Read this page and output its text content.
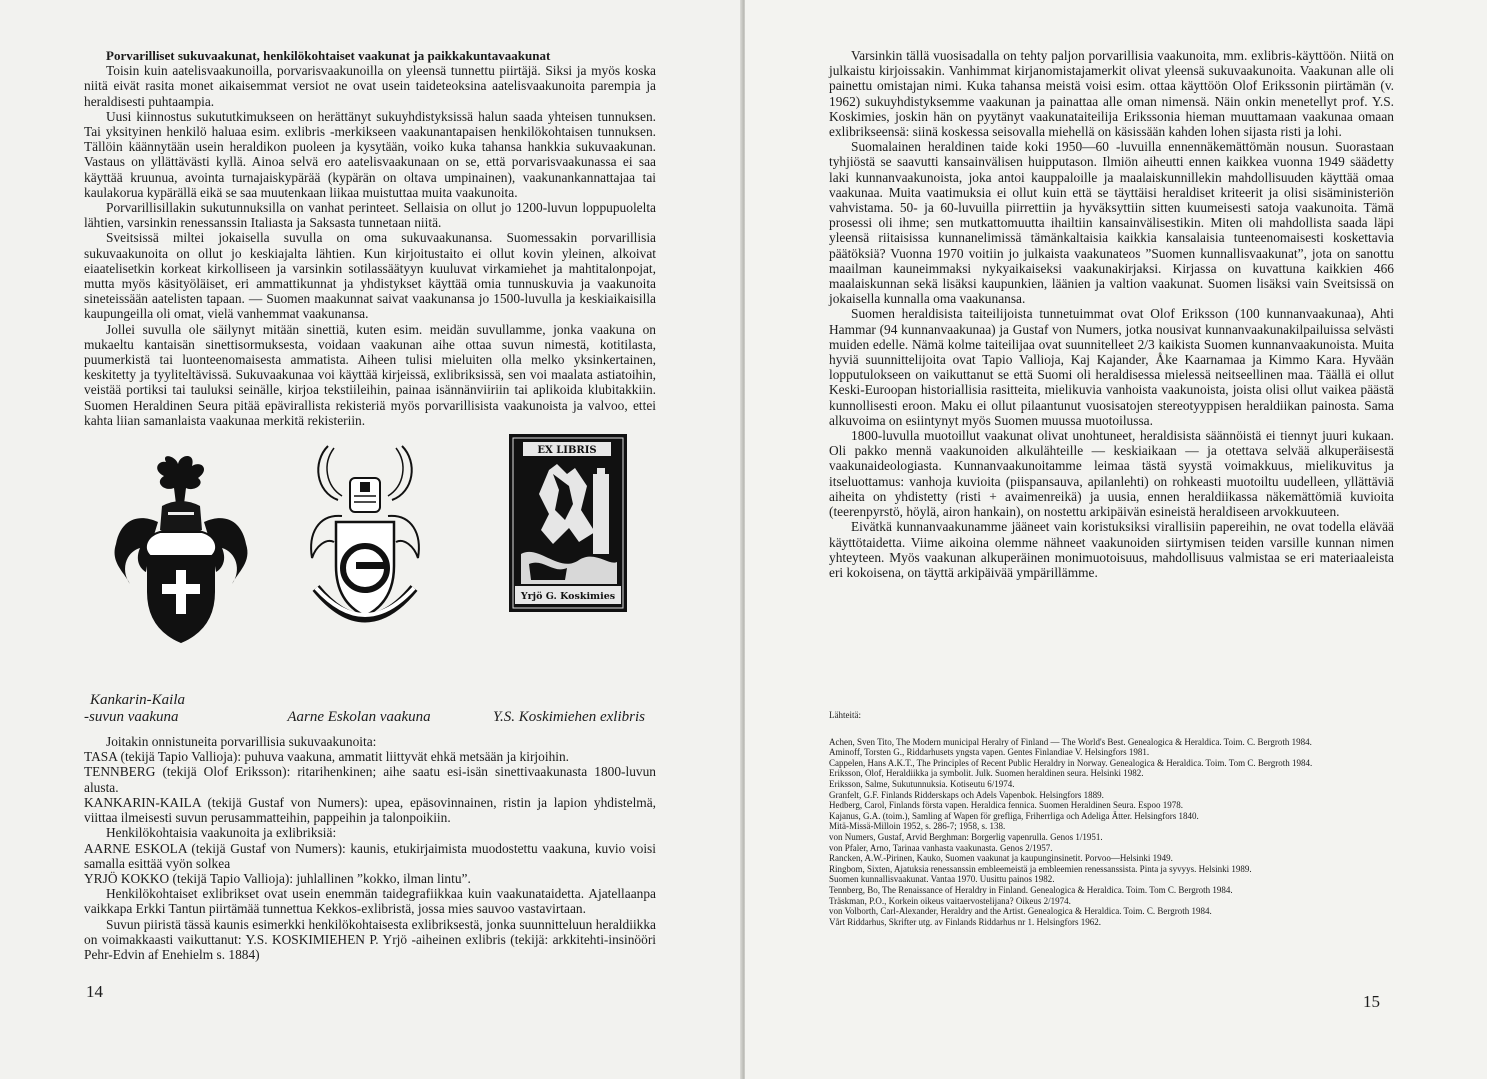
Porvarilliset sukuvaakunat, henkilökohtaiset vaakunat ja paikkakuntavaakunat

Toisin kuin aatelisvaakunoilla, porvarisvaakunoilla on yleensä tunnettu piirtäjä. Siksi ja myös koska niitä eivät rasita monet aikaisemmat versiot ne ovat usein taideteoksina aatelisvaakunoita parempia ja heraldisesti puhtaampia.

Uusi kiinnostus sukututkimukseen on herättänyt sukuyhdistyksissä halun saada yhteisen tunnuksen. Tai yksityinen henkilö haluaa esim. exlibris -merkikseen vaakunantapaisen henkilökohtaisen tunnuksen. Tällöin käännytään usein heraldikon puoleen ja kysytään, voiko kuka tahansa hankkia sukuvaakunan. Vastaus on yllättävästi kyllä. Ainoa selvä ero aatelisvaakunaan on se, että porvarisvaakunassa ei saa käyttää kruunua, avointa turnajaiskypärää (kypärän on oltava umpinainen), vaakunankannattajaa tai kaulakorua kypärällä eikä se saa muutenkaan liikaa muistuttaa muita vaakunoita.

Porvarillisillakin sukutunnuksilla on vanhat perinteet. Sellaisia on ollut jo 1200-luvun loppupuolelta lähtien, varsinkin renessanssin Italiasta ja Saksasta tunnetaan niitä.

Sveitsissä miltei jokaisella suvulla on oma sukuvaakunansa. Suomessakin porvarillisia sukuvaakunoita on ollut jo keskiajalta lähtien. Kun kirjoitustaito ei ollut kovin yleinen, alkoivat eiaatelisetkin korkeat kirkolliseen ja varsinkin sotilassäätyyn kuuluvat virkamiehet ja mahtitalonpojat, mutta myös käsityöläiset, eri ammattikunnat ja yhdistykset käyttää omia tunnuskuvia ja vaakunoita sineteissään aatelisten tapaan. — Suomen maakunnat saivat vaakunansa jo 1500-luvulla ja keskiaikaisilla kaupungeilla oli omat, vielä vanhemmat vaakunansa.

Jollei suvulla ole säilynyt mitään sinettiä, kuten esim. meidän suvullamme, jonka vaakuna on mukaeltu kantaisän sinettisormuksesta, voidaan vaakunan aihe ottaa suvun nimestä, kotitilasta, puumerkistä tai luonteenomaisesta ammatista. Aiheen tulisi mieluiten olla melko yksinkertainen, keskitetty ja tyyliteltävissä. Sukuvaakunaa voi käyttää kirjeissä, exlibriksissä, sen voi maalata astiatoihin, veistää portiksi tai tauluksi seinälle, kirjoa tekstiileihin, painaa isännänviiriin tai aplikoida klubitakkiin. Suomen Heraldinen Seura pitää epävirallista rekisteriä myös porvarillisista vaakunoista ja valvoo, ettei kahta liian samanlaista vaakunaa merkitä rekisteriin.

EX LIBRIS
Yrjö G. Koskimies
Kankarin-Kaila
-suvun vaakuna	Aarne Eskolan vaakuna	Y.S. Koskimiehen exlibris

Joitakin onnistuneita porvarillisia sukuvaakunoita:

TASA (tekijä Tapio Vallioja): puhuva vaakuna, ammatit liittyvät ehkä metsään ja kirjoihin.

TENNBERG (tekijä Olof Eriksson): ritarihenkinen; aihe saatu esi-isän sinettivaakunasta 1800-luvun alusta.

KANKARIN-KAILA (tekijä Gustaf von Numers): upea, epäsovinnainen, ristin ja lapion yhdistelmä, viittaa ilmeisesti suvun perusammatteihin, pappeihin ja talonpoikiin.

Henkilökohtaisia vaakunoita ja exlibriksiä:

AARNE ESKOLA (tekijä Gustaf von Numers): kaunis, etukirjaimista muodostettu vaakuna, kuvio voisi samalla esittää vyön solkea

YRJÖ KOKKO (tekijä Tapio Vallioja): juhlallinen ”kokko, ilman lintu”.

Henkilökohtaiset exlibrikset ovat usein enemmän taidegrafiikkaa kuin vaakunataidetta. Ajatellaanpa vaikkapa Erkki Tantun piirtämää tunnettua Kekkos-exlibristä, jossa mies sauvoo vastavirtaan.

Suvun piiristä tässä kaunis esimerkki henkilökohtaisesta exlibriksestä, jonka suunnitteluun heraldiikka on voimakkaasti vaikuttanut: Y.S. KOSKIMIEHEN P. Yrjö -aiheinen exlibris (tekijä: arkkitehti-insinööri Pehr-Edvin af Enehielm s. 1884)

14

Varsinkin tällä vuosisadalla on tehty paljon porvarillisia vaakunoita, mm. exlibris-käyttöön. Niitä on julkaistu kirjoissakin. Vanhimmat kirjanomistajamerkit olivat yleensä sukuvaakunoita. Vaakunan alle oli painettu omistajan nimi. Kuka tahansa meistä voisi esim. ottaa käyttöön Olof Erikssonin piirtämän (v. 1962) sukuyhdistyksemme vaakunan ja painattaa alle oman nimensä. Näin onkin menetellyt prof. Y.S. Koskimies, joskin hän on pyytänyt vaakunataiteilija Erikssonia hieman muuttamaan vaakunaa omaan exlibrikseensä: siinä koskessa seisovalla miehellä on käsissään kahden lohen sijasta risti ja lohi.

Suomalainen heraldinen taide koki 1950—60 -luvuilla ennennäkemättömän nousun. Suorastaan tyhjiöstä se saavutti kansainvälisen huipputason. Ilmiön aiheutti ennen kaikkea vuonna 1949 säädetty laki kunnanvaakunoista, joka antoi kauppaloille ja maalaiskunnillekin mahdollisuuden käyttää omaa vaakunaa. Muita vaatimuksia ei ollut kuin että se täyttäisi heraldiset kriteerit ja olisi sisäministeriön vahvistama. 50- ja 60-luvuilla piirrettiin ja hyväksyttiin sitten kuumeisesti satoja vaakunoita. Tämä prosessi oli ihme; sen mutkattomuutta ihailtiin kansainvälisestikin. Miten oli mahdollista saada läpi yleensä riitaisissa kunnanelimissä tämänkaltaisia kaikkia kansalaisia tunteenomaisesti koskettavia päätöksiä? Vuonna 1970 voitiin jo julkaista vaakunateos ”Suomen kunnallisvaakunat”, jota on sanottu maailman kauneimmaksi nykyaikaiseksi vaakunakirjaksi. Kirjassa on kuvattuna kaikkien 466 maalaiskunnan sekä lisäksi kaupunkien, läänien ja valtion vaakunat. Suomen lisäksi vain Sveitsissä on jokaisella kunnalla oma vaakunansa.

Suomen heraldisista taiteilijoista tunnetuimmat ovat Olof Eriksson (100 kunnanvaakunaa), Ahti Hammar (94 kunnanvaakunaa) ja Gustaf von Numers, jotka nousivat kunnanvaakunakilpailuissa selvästi muiden edelle. Nämä kolme taiteilijaa ovat suunnitelleet 2/3 kaikista Suomen kunnanvaakunoista. Muita hyviä suunnittelijoita ovat Tapio Vallioja, Kaj Kajander, Åke Kaarnamaa ja Kimmo Kara. Hyvään lopputulokseen on vaikuttanut se että Suomi oli heraldisessa mielessä neitseellinen maa. Täällä ei ollut Keski-Euroopan historiallisia rasitteita, mielikuvia vanhoista vaakunoista, joista olisi ollut vaikea päästä kunnollisesti eroon. Maku ei ollut pilaantunut vuosisatojen stereotyyppisen heraldiikan painosta. Sama alkuvoima on esiintynyt myös Suomen muussa muotoilussa.

1800-luvulla muotoillut vaakunat olivat unohtuneet, heraldisista säännöistä ei tiennyt juuri kukaan. Oli pakko mennä vaakunoiden alkulähteille — keskiaikaan — ja otettava selvää alkuperäisestä vaakunaideologiasta. Kunnanvaakunoitamme leimaa tästä syystä voimakkuus, mielikuvitus ja itseluottamus: vanhoja kuvioita (piispansauva, apilanlehti) on rohkeasti muotoiltu uudelleen, yllättäviä aiheita on yhdistetty (risti + avaimenreikä) ja uusia, ennen heraldiikassa näkemättömiä kuvioita (teerenpyrstö, höylä, airon hankain), on nostettu arkipäivän esineistä heraldiseen arvokkuuteen.

Eivätkä kunnanvaakunamme jääneet vain koristuksiksi virallisiin papereihin, ne ovat todella elävää käyttötaidetta. Viime aikoina olemme nähneet vaakunoiden siirtymisen teiden varsille kunnan nimen yhteyteen. Myös vaakunan alkuperäinen monimuotoisuus, mahdollisuus valmistaa se eri materiaaleista eri kokoisena, on täyttä arkipäivää ympärillämme.

Lähteitä:
Achen, Sven Tito, The Modern municipal Heralry of Finland — The World's Best. Genealogica & Heraldica. Toim. C. Bergroth 1984.
Aminoff, Torsten G., Riddarhusets yngsta vapen. Gentes Finlandiae V. Helsingfors 1981.
Cappelen, Hans A.K.T., The Principles of Recent Public Heraldry in Norway. Genealogica & Heraldica. Toim. Tom C. Bergroth 1984.
Eriksson, Olof, Heraldiikka ja symbolit. Julk. Suomen heraldinen seura. Helsinki 1982.
Eriksson, Salme, Sukutunnuksia. Kotiseutu 6/1974.
Granfelt, G.F. Finlands Ridderskaps och Adels Vapenbok. Helsingfors 1889.
Hedberg, Carol, Finlands första vapen. Heraldica fennica. Suomen Heraldinen Seura. Espoo 1978.
Kajanus, G.A. (toim.), Samling af Wapen för grefliga, Friherrliga och Adeliga Ätter. Helsingfors 1840.
Mitä-Missä-Milloin 1952, s. 286-7; 1958, s. 138.
von Numers, Gustaf, Arvid Berghman: Borgerlig vapenrulla. Genos 1/1951.
von Pfaler, Arno, Tarinaa vanhasta vaakunasta. Genos 2/1957.
Rancken, A.W.-Pirinen, Kauko, Suomen vaakunat ja kaupunginsinetit. Porvoo—Helsinki 1949.
Ringbom, Sixten, Ajatuksia renessanssin embleemeistä ja embleemien renessanssista. Pinta ja syvyys. Helsinki 1989.
Suomen kunnallisvaakunat. Vantaa 1970. Uusittu painos 1982.
Tennberg, Bo, The Renaissance of Heraldry in Finland. Genealogica & Heraldica. Toim. Tom C. Bergroth 1984.
Träskman, P.O., Korkein oikeus vaitaervostelijana? Oikeus 2/1974.
von Volborth, Carl-Alexander, Heraldry and the Artist. Genealogica & Heraldica. Toim. C. Bergroth 1984.
Vårt Riddarhus, Skrifter utg. av Finlands Riddarhus nr 1. Helsingfors 1962.
15
